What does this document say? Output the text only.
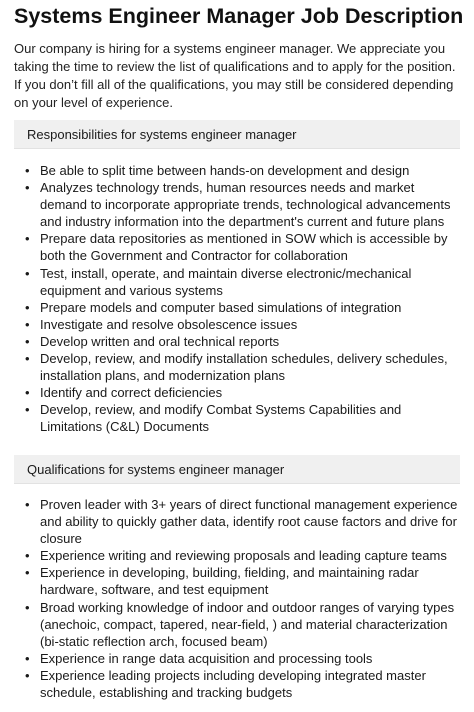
Systems Engineer Manager Job Description

Our company is hiring for a systems engineer manager. We appreciate you taking the time to review the list of qualifications and to apply for the position. If you don’t fill all of the qualifications, you may still be considered depending on your level of experience.

Responsibilities for systems engineer manager
• Be able to split time between hands-on development and design
• Analyzes technology trends, human resources needs and market demand to incorporate appropriate trends, technological advancements and industry information into the department's current and future plans
• Prepare data repositories as mentioned in SOW which is accessible by both the Government and Contractor for collaboration
• Test, install, operate, and maintain diverse electronic/mechanical equipment and various systems
• Prepare models and computer based simulations of integration
• Investigate and resolve obsolescence issues
• Develop written and oral technical reports
• Develop, review, and modify installation schedules, delivery schedules, installation plans, and modernization plans
• Identify and correct deficiencies
• Develop, review, and modify Combat Systems Capabilities and Limitations (C&L) Documents
Qualifications for systems engineer manager
• Proven leader with 3+ years of direct functional management experience and ability to quickly gather data, identify root cause factors and drive for closure
• Experience writing and reviewing proposals and leading capture teams
• Experience in developing, building, fielding, and maintaining radar hardware, software, and test equipment
• Broad working knowledge of indoor and outdoor ranges of varying types (anechoic, compact, tapered, near-field, ) and material characterization (bi-static reflection arch, focused beam)
• Experience in range data acquisition and processing tools
• Experience leading projects including developing integrated master schedule, establishing and tracking budgets
